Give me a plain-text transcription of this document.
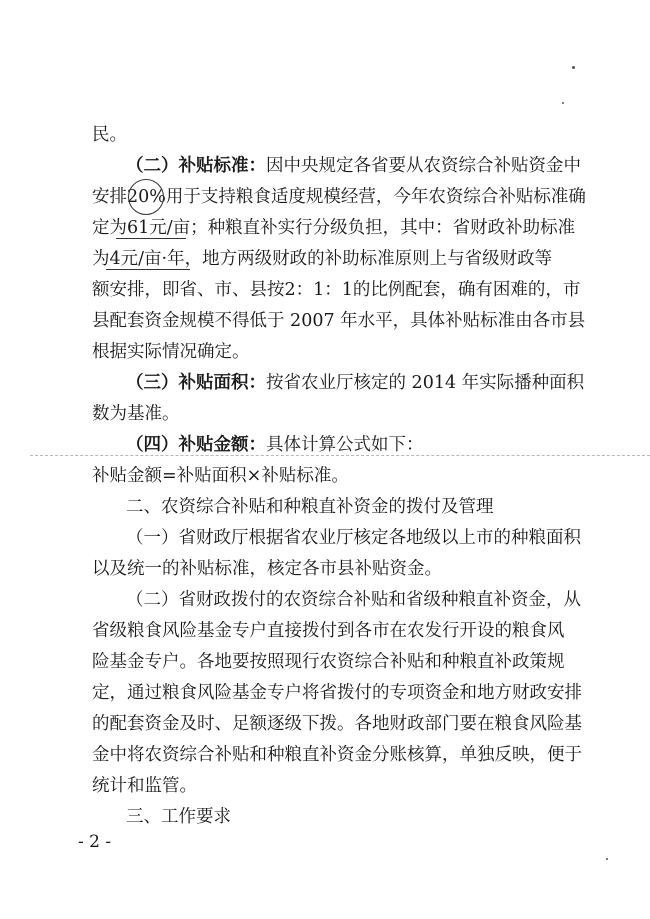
民。
（二）补贴标准：因中央规定各省要从农资综合补贴资金中
安排20%用于支持粮食适度规模经营，今年农资综合补贴标准确
定为61元/亩；种粮直补实行分级负担，其中：省财政补助标准
为4元/亩·年，地方两级财政的补助标准原则上与省级财政等
额安排，即省、市、县按2：1：1的比例配套，确有困难的，市
县配套资金规模不得低于 2007 年水平，具体补贴标准由各市县
根据实际情况确定。
（三）补贴面积：按省农业厅核定的 2014 年实际播种面积
数为基准。
（四）补贴金额：具体计算公式如下：
补贴金额=补贴面积×补贴标准。
二、农资综合补贴和种粮直补资金的拨付及管理
（一）省财政厅根据省农业厅核定各地级以上市的种粮面积
以及统一的补贴标准，核定各市县补贴资金。
（二）省财政拨付的农资综合补贴和省级种粮直补资金，从
省级粮食风险基金专户直接拨付到各市在农发行开设的粮食风
险基金专户。各地要按照现行农资综合补贴和种粮直补政策规
定，通过粮食风险基金专户将省拨付的专项资金和地方财政安排
的配套资金及时、足额逐级下拨。各地财政部门要在粮食风险基
金中将农资综合补贴和种粮直补资金分账核算，单独反映，便于
统计和监管。
三、工作要求
- 2 -
